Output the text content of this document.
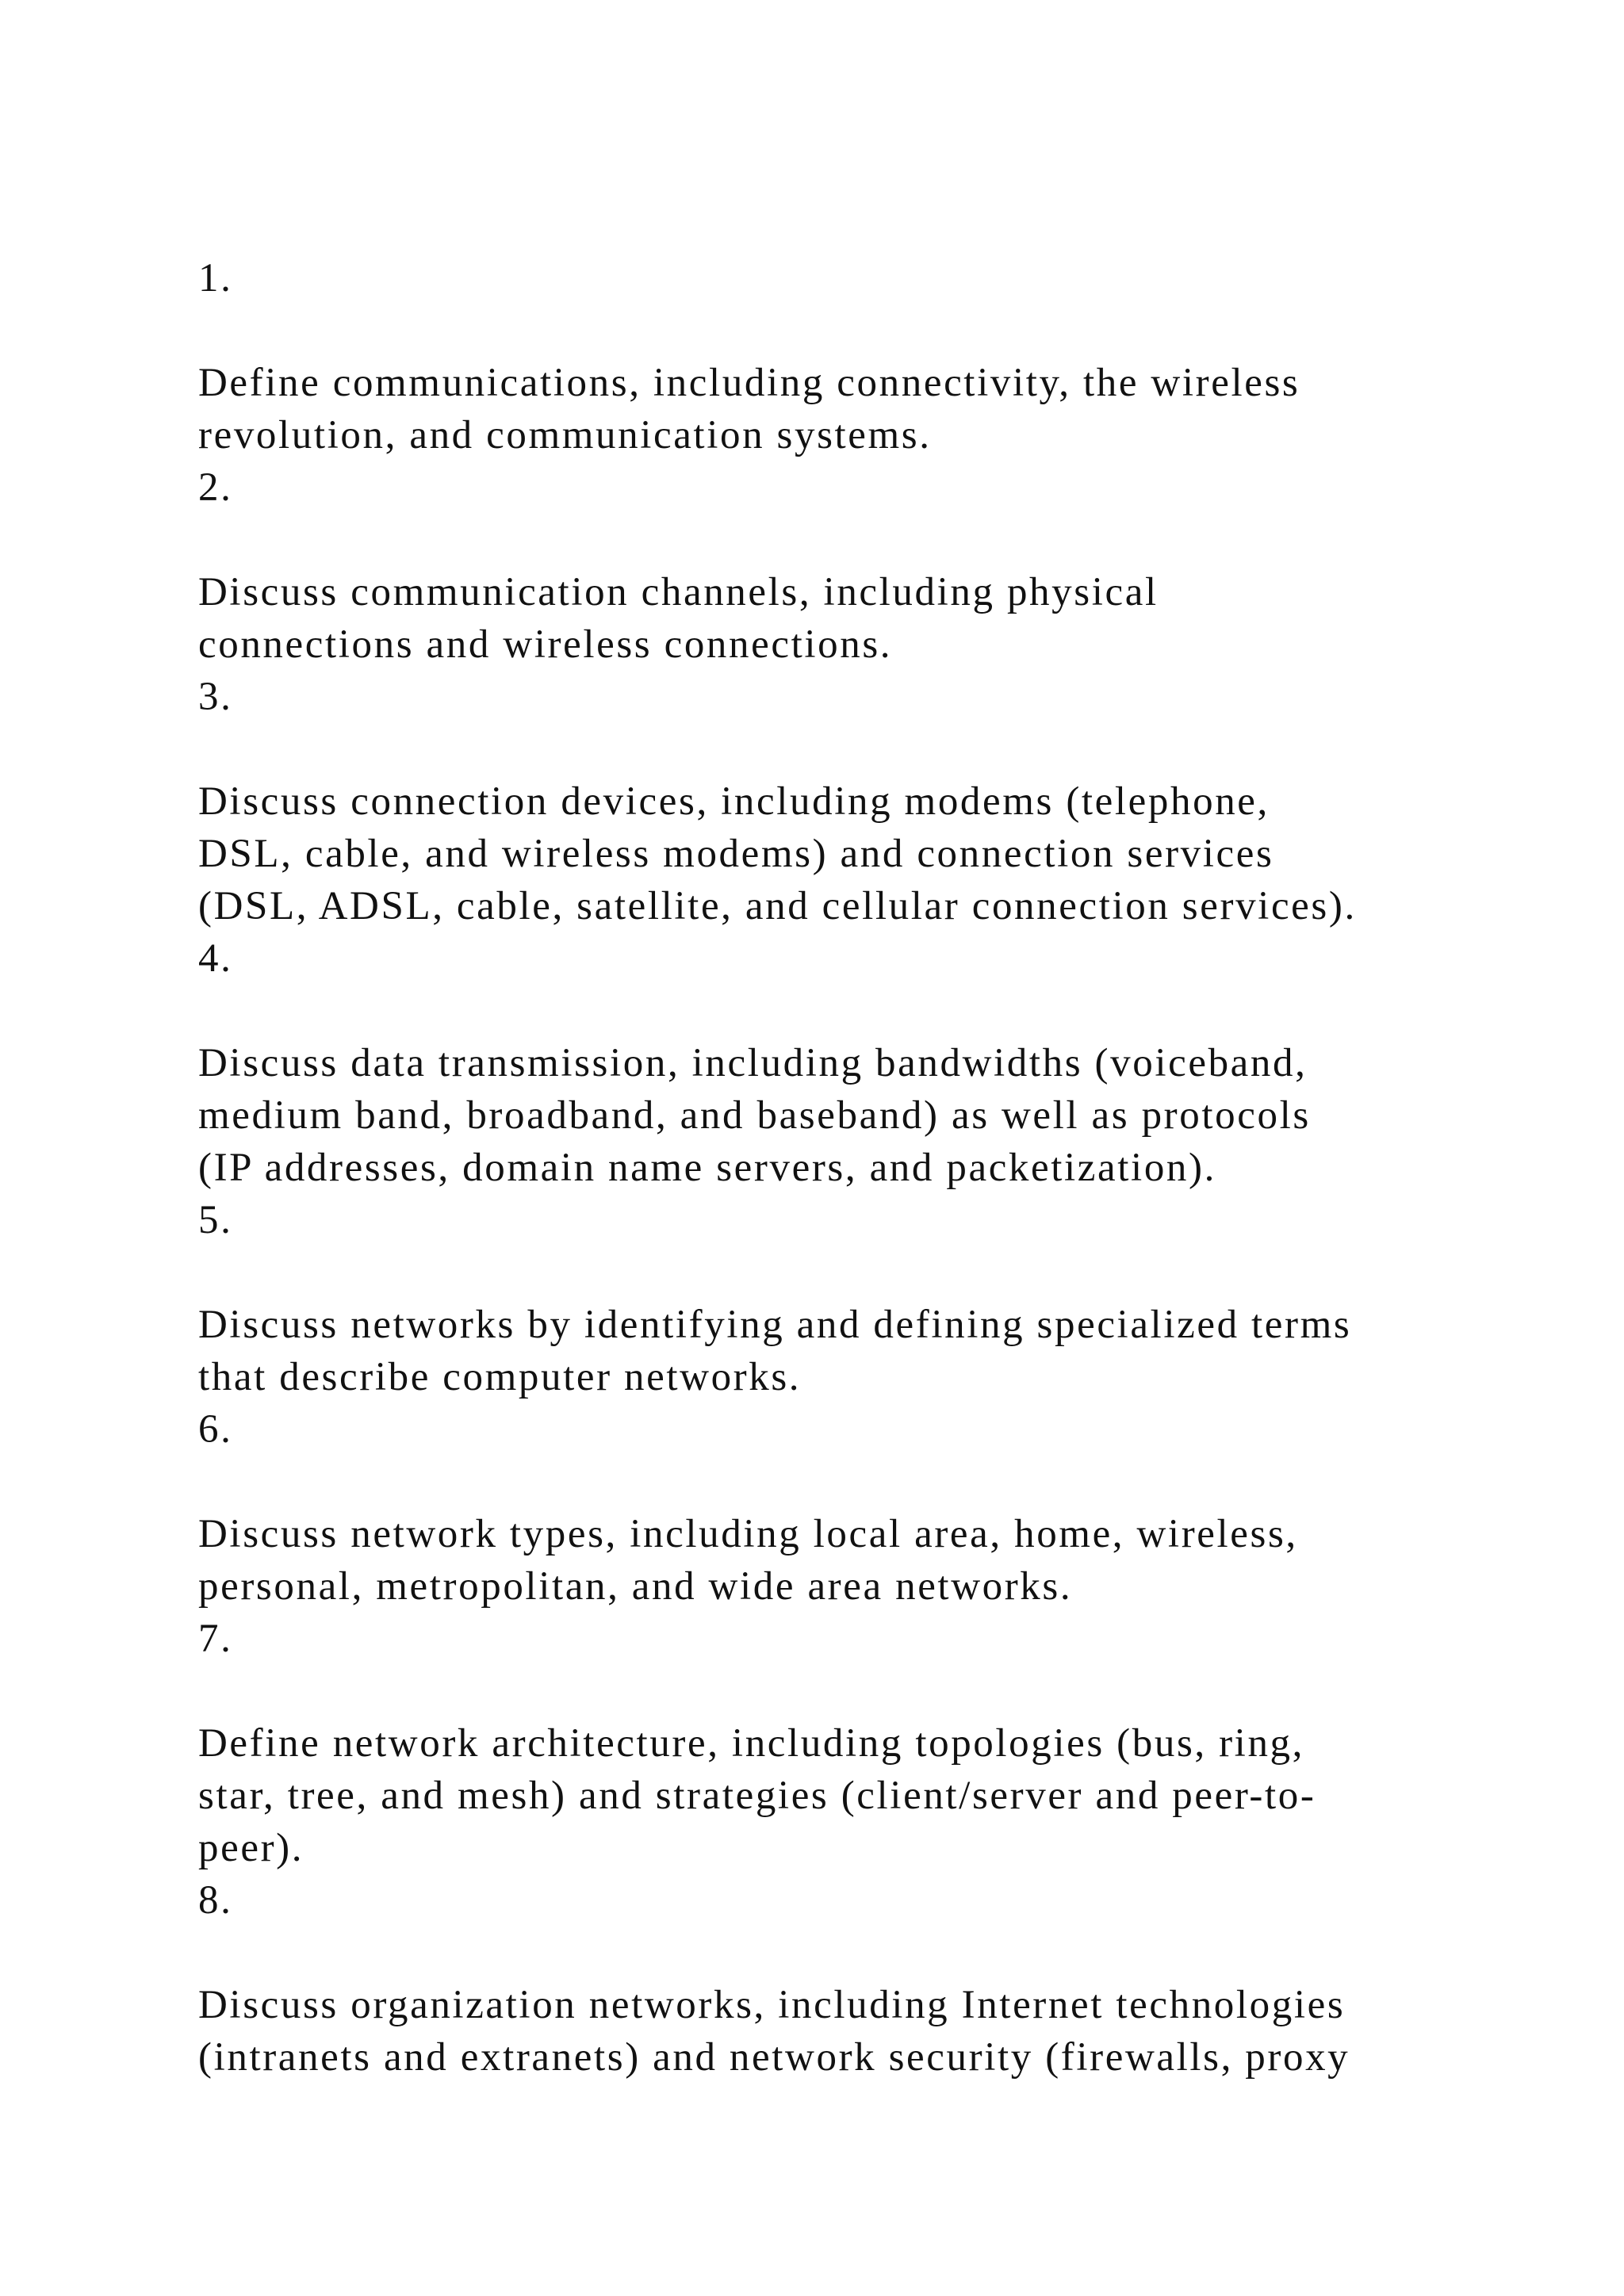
1.
Define communications, including connectivity, the wireless
revolution, and communication systems.
2.
Discuss communication channels, including physical
connections and wireless connections.
3.
Discuss connection devices, including modems (telephone,
DSL, cable, and wireless modems) and connection services
(DSL, ADSL, cable, satellite, and cellular connection services).
4.
Discuss data transmission, including bandwidths (voiceband,
medium band, broadband, and baseband) as well as protocols
(IP addresses, domain name servers, and packetization).
5.
Discuss networks by identifying and defining specialized terms
that describe computer networks.
6.
Discuss network types, including local area, home, wireless,
personal, metropolitan, and wide area networks.
7.
Define network architecture, including topologies (bus, ring,
star, tree, and mesh) and strategies (client/server and peer-to-
peer).
8.
Discuss organization networks, including Internet technologies
(intranets and extranets) and network security (firewalls, proxy
